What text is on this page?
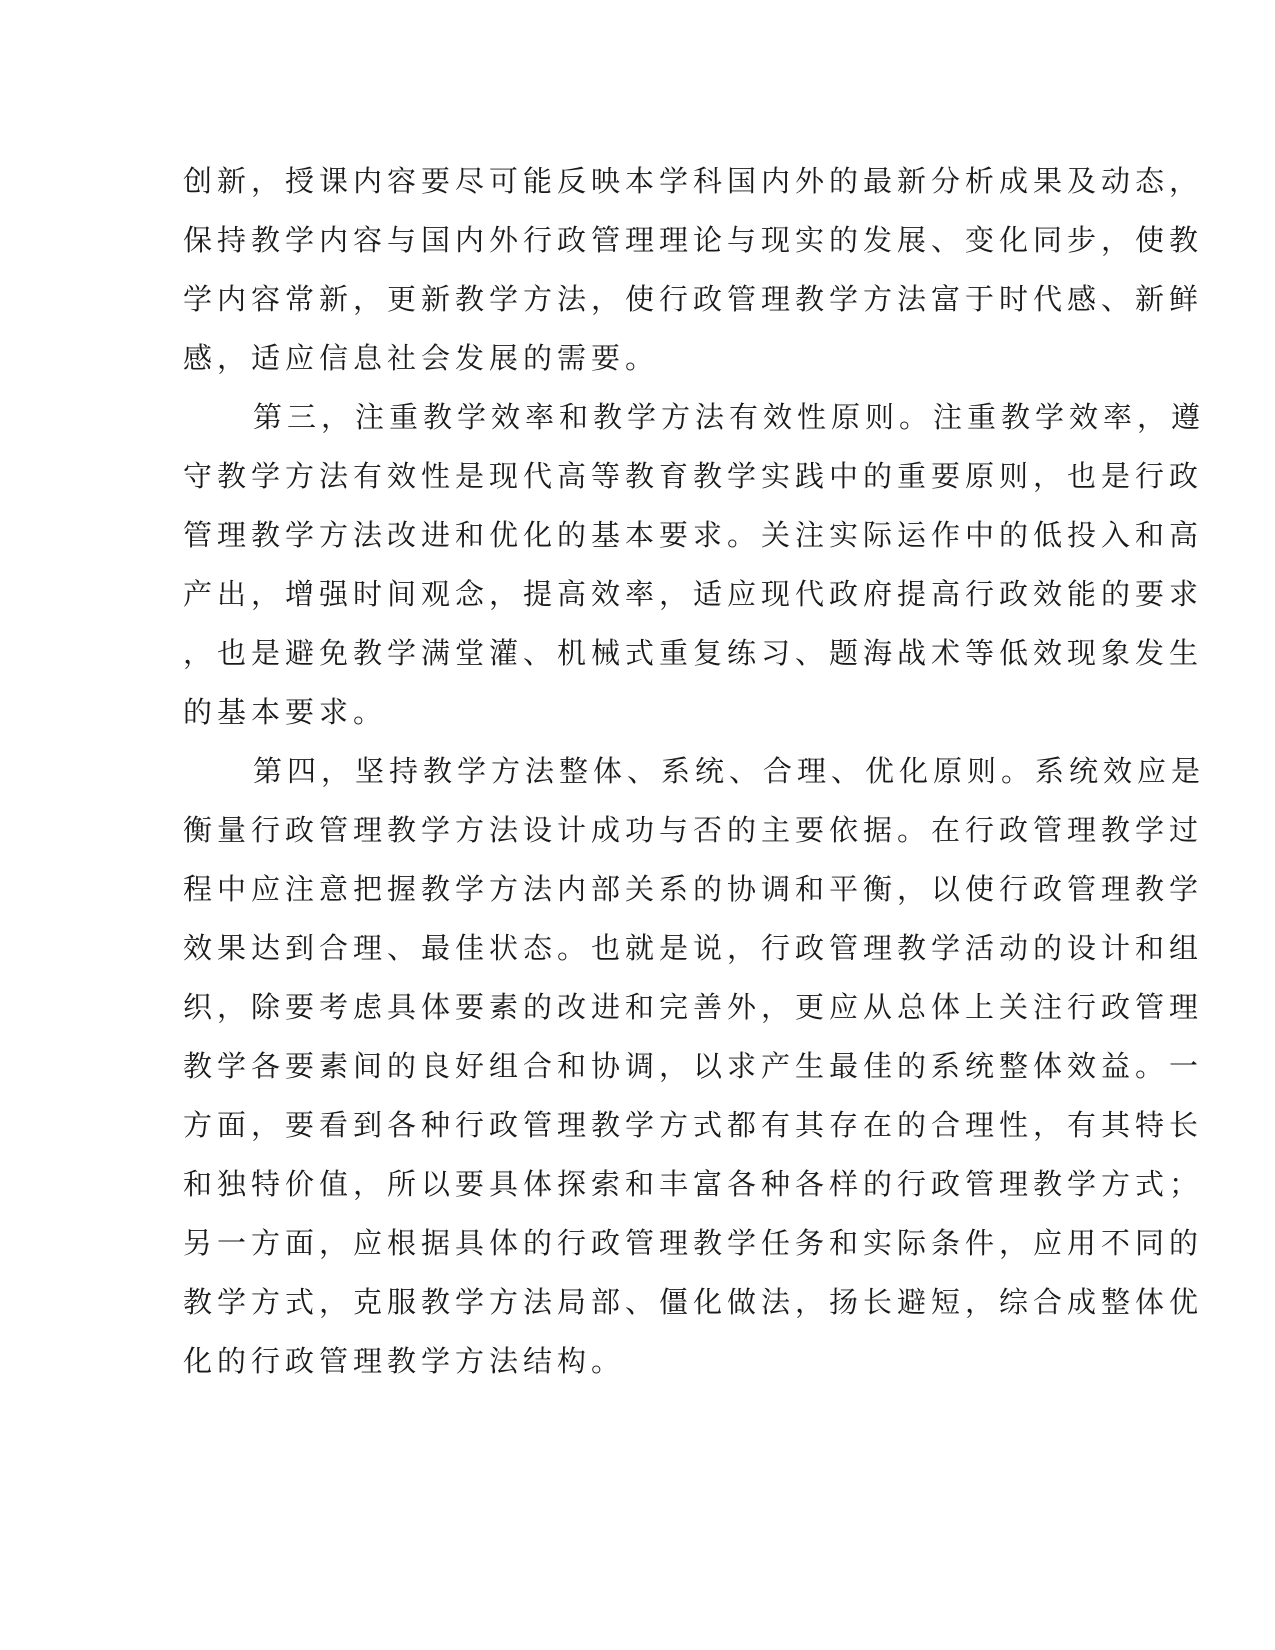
创新，授课内容要尽可能反映本学科国内外的最新分析成果及动态，
保持教学内容与国内外行政管理理论与现实的发展、变化同步，使教
学内容常新，更新教学方法，使行政管理教学方法富于时代感、新鲜
感，适应信息社会发展的需要。
第三，注重教学效率和教学方法有效性原则。注重教学效率，遵
守教学方法有效性是现代高等教育教学实践中的重要原则，也是行政
管理教学方法改进和优化的基本要求。关注实际运作中的低投入和高
产出，增强时间观念，提高效率，适应现代政府提高行政效能的要求
，也是避免教学满堂灌、机械式重复练习、题海战术等低效现象发生
的基本要求。
第四，坚持教学方法整体、系统、合理、优化原则。系统效应是
衡量行政管理教学方法设计成功与否的主要依据。在行政管理教学过
程中应注意把握教学方法内部关系的协调和平衡，以使行政管理教学
效果达到合理、最佳状态。也就是说，行政管理教学活动的设计和组
织，除要考虑具体要素的改进和完善外，更应从总体上关注行政管理
教学各要素间的良好组合和协调，以求产生最佳的系统整体效益。一
方面，要看到各种行政管理教学方式都有其存在的合理性，有其特长
和独特价值，所以要具体探索和丰富各种各样的行政管理教学方式；
另一方面，应根据具体的行政管理教学任务和实际条件，应用不同的
教学方式，克服教学方法局部、僵化做法，扬长避短，综合成整体优
化的行政管理教学方法结构。
